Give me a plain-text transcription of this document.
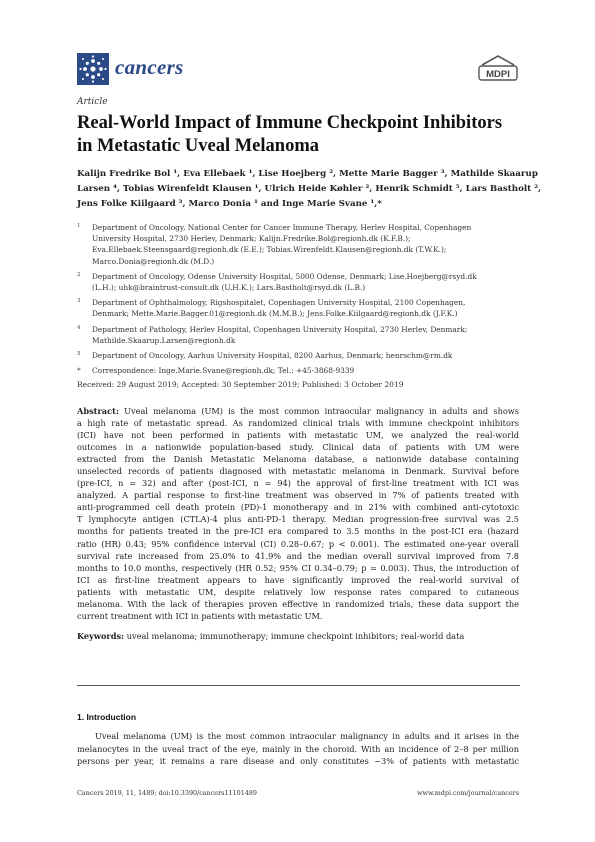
cancers	MDPI
Article
Real-World Impact of Immune Checkpoint Inhibitors
in Metastatic Uveal Melanoma
Kalijn Fredrike Bol ¹, Eva Ellebaek ¹, Lise Hoejberg ², Mette Marie Bagger ³, Mathilde Skaarup
Larsen ⁴, Tobias Wirenfeldt Klausen ¹, Ulrich Heide Køhler ², Henrik Schmidt ⁵, Lars Bastholt ²,
Jens Folke Kiilgaard ³, Marco Donia ¹ and Inge Marie Svane ¹,*
1	Department of Oncology, National Center for Cancer Immune Therapy, Herlev Hospital, Copenhagen
University Hospital, 2730 Herlev, Denmark; Kalijn.Fredrike.Bol@regionh.dk (K.F.B.);
Eva.Ellebaek.Steensgaard@regionh.dk (E.E.); Tobias.Wirenfeldt.Klausen@regionh.dk (T.W.K.);
Marco.Donia@regionh.dk (M.D.)
2	Department of Oncology, Odense University Hospital, 5000 Odense, Denmark; Lise.Hoejberg@rsyd.dk
(L.H.); uhk@braintrust-consult.dk (U.H.K.); Lars.Bastholt@rsyd.dk (L.B.)
3	Department of Ophthalmology, Rigshospitalet, Copenhagen University Hospital, 2100 Copenhagen,
Denmark; Mette.Marie.Bagger.01@regionh.dk (M.M.B.); Jens.Folke.Kiilgaard@regionh.dk (J.F.K.)
4	Department of Pathology, Herlev Hospital, Copenhagen University Hospital, 2730 Herlev, Denmark;
Mathilde.Skaarup.Larsen@regionh.dk
5	Department of Oncology, Aarhus University Hospital, 8200 Aarhus, Denmark; henrschm@rm.dk
*	Correspondence: Inge.Marie.Svane@regionh.dk; Tel.: +45-3868-9339
Received: 29 August 2019; Accepted: 30 September 2019; Published: 3 October 2019
Abstract: Uveal melanoma (UM) is the most common intraocular malignancy in adults and shows
a high rate of metastatic spread. As randomized clinical trials with immune checkpoint inhibitors
(ICI) have not been performed in patients with metastatic UM, we analyzed the real-world
outcomes in a nationwide population-based study. Clinical data of patients with UM were
extracted from the Danish Metastatic Melanoma database, a nationwide database containing
unselected records of patients diagnosed with metastatic melanoma in Denmark. Survival before
(pre-ICI, n = 32) and after (post-ICI, n = 94) the approval of first-line treatment with ICI was
analyzed. A partial response to first-line treatment was observed in 7% of patients treated with
anti-programmed cell death protein (PD)-1 monotherapy and in 21% with combined anti-cytotoxic
T lymphocyte antigen (CTLA)-4 plus anti-PD-1 therapy. Median progression-free survival was 2.5
months for patients treated in the pre-ICI era compared to 3.5 months in the post-ICI era (hazard
ratio (HR) 0.43; 95% confidence interval (CI) 0.28–0.67; p < 0.001). The estimated one-year overall
survival rate increased from 25.0% to 41.9% and the median overall survival improved from 7.8
months to 10.0 months, respectively (HR 0.52; 95% CI 0.34–0.79; p = 0.003). Thus, the introduction of
ICI as first-line treatment appears to have significantly improved the real-world survival of
patients with metastatic UM, despite relatively low response rates compared to cutaneous
melanoma. With the lack of therapies proven effective in randomized trials, these data support the
current treatment with ICI in patients with metastatic UM.
Keywords: uveal melanoma; immunotherapy; immune checkpoint inhibitors; real-world data
1. Introduction
Uveal melanoma (UM) is the most common intraocular malignancy in adults and it arises in the
melanocytes in the uveal tract of the eye, mainly in the choroid. With an incidence of 2–8 per million
persons per year, it remains a rare disease and only constitutes ~3% of patients with metastatic
Cancers 2019, 11, 1489; doi:10.3390/cancers11101489	www.mdpi.com/journal/cancers
